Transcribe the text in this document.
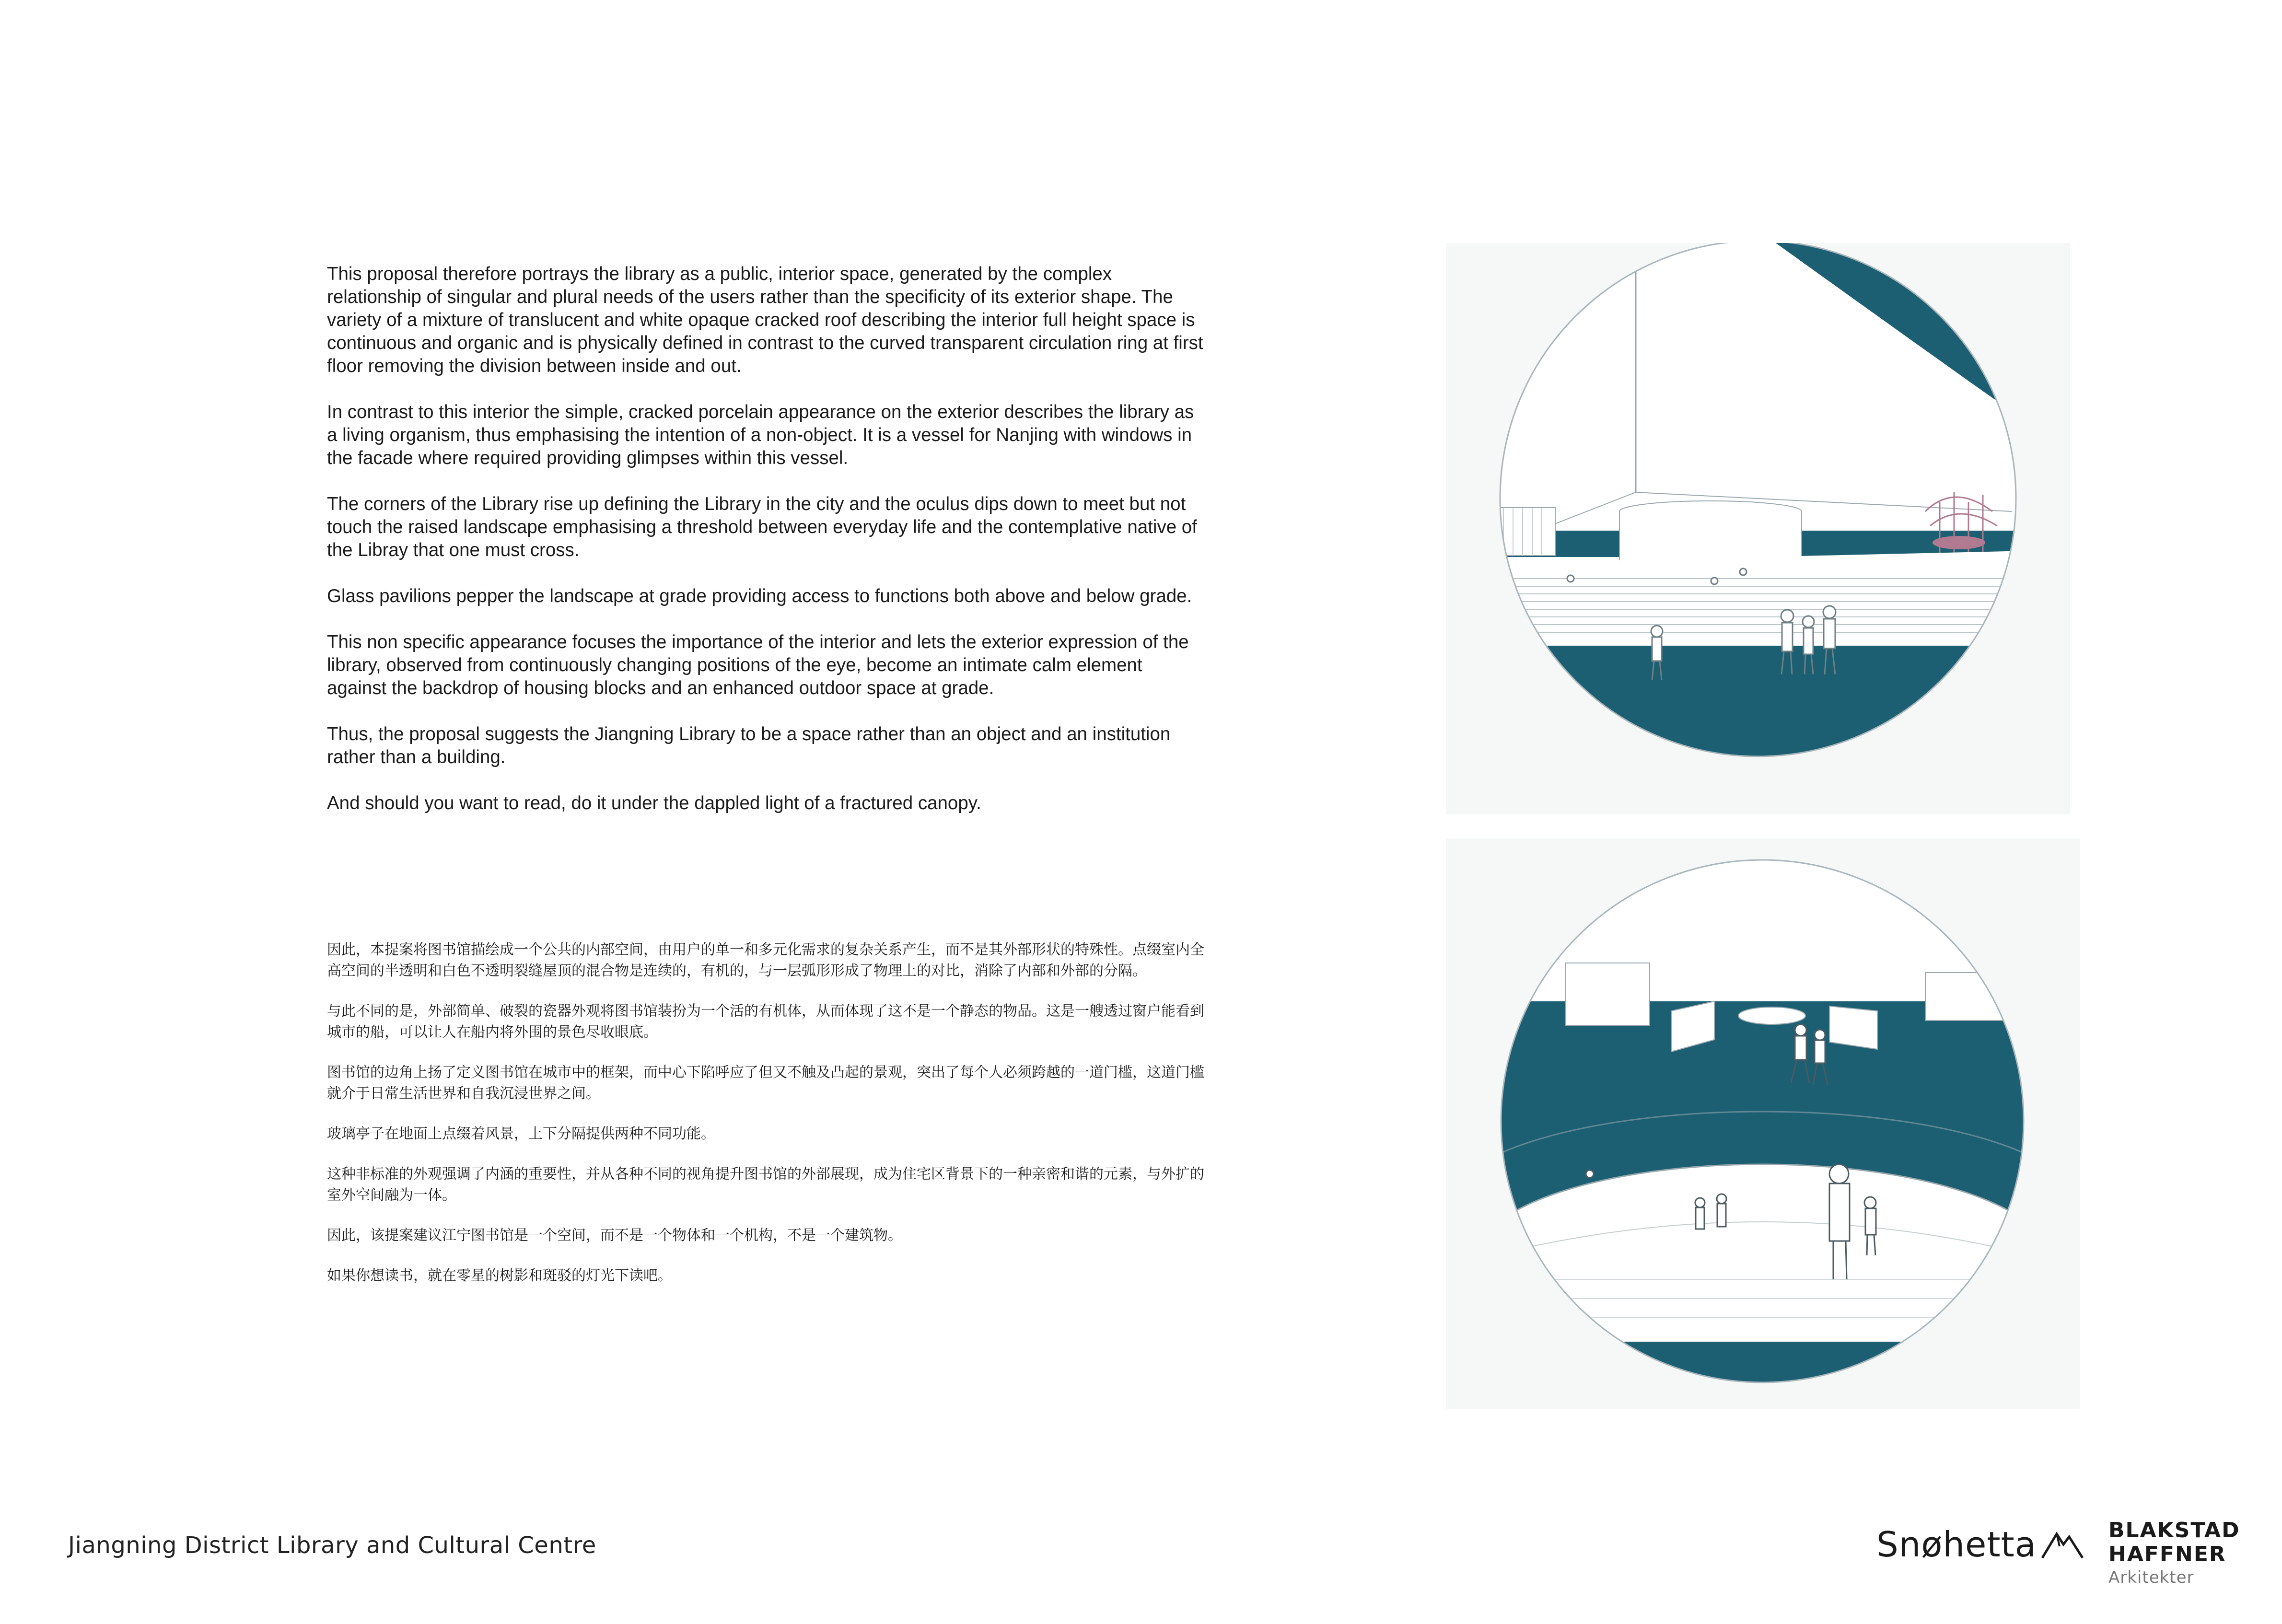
This proposal therefore portrays the library as a public, interior space, generated by the complex relationship of singular and plural needs of the users rather than the specificity of its exterior shape. The variety of a mixture of translucent and white opaque cracked roof describing the interior full height space is continuous and organic and is physically defined in contrast to the curved transparent circulation ring at first floor removing the division between inside and out.

In contrast to this interior the simple, cracked porcelain appearance on the exterior describes the library as a living organism, thus emphasising the intention of a non-object. It is a vessel for Nanjing with windows in the facade where required providing glimpses within this vessel.

The corners of the Library rise up defining the Library in the city and the oculus dips down to meet but not touch the raised landscape emphasising a threshold between everyday life and the contemplative native of the Libray that one must cross.

Glass pavilions pepper the landscape at grade providing access to functions both above and below grade.

This non specific appearance focuses the importance of the interior and lets the exterior expression of the library, observed from continuously changing positions of the eye, become an intimate calm element against the backdrop of housing blocks and an enhanced outdoor space at grade.

Thus, the proposal suggests the Jiangning Library to be a space rather than an object and an institution rather than a building.

And should you want to read, do it under the dappled light of a fractured canopy.

因此，本提案将图书馆描绘成一个公共的内部空间，由用户的单一和多元化需求的复杂关系产生，而不是其外部形状的特殊性。点缀室内全高空间的半透明和白色不透明裂缝屋顶的混合物是连续的，有机的，与一层弧形形成了物理上的对比，消除了内部和外部的分隔。

与此不同的是，外部简单、破裂的瓷器外观将图书馆装扮为一个活的有机体，从而体现了这不是一个静态的物品。这是一艘透过窗户能看到城市的船，可以让人在船内将外围的景色尽收眼底。

图书馆的边角上扬了定义图书馆在城市中的框架，而中心下陷呼应了但又不触及凸起的景观，突出了每个人必须跨越的一道门槛，这道门槛就介于日常生活世界和自我沉浸世界之间。

玻璃亭子在地面上点缀着风景，上下分隔提供两种不同功能。

这种非标准的外观强调了内涵的重要性，并从各种不同的视角提升图书馆的外部展现，成为住宅区背景下的一种亲密和谐的元素，与外扩的室外空间融为一体。

因此，该提案建议江宁图书馆是一个空间，而不是一个物体和一个机构，不是一个建筑物。

如果你想读书，就在零星的树影和斑驳的灯光下读吧。

Jiangning District Library and Cultural Centre	Snøhetta	BLAKSTAD
HAFFNER
Arkitekter
